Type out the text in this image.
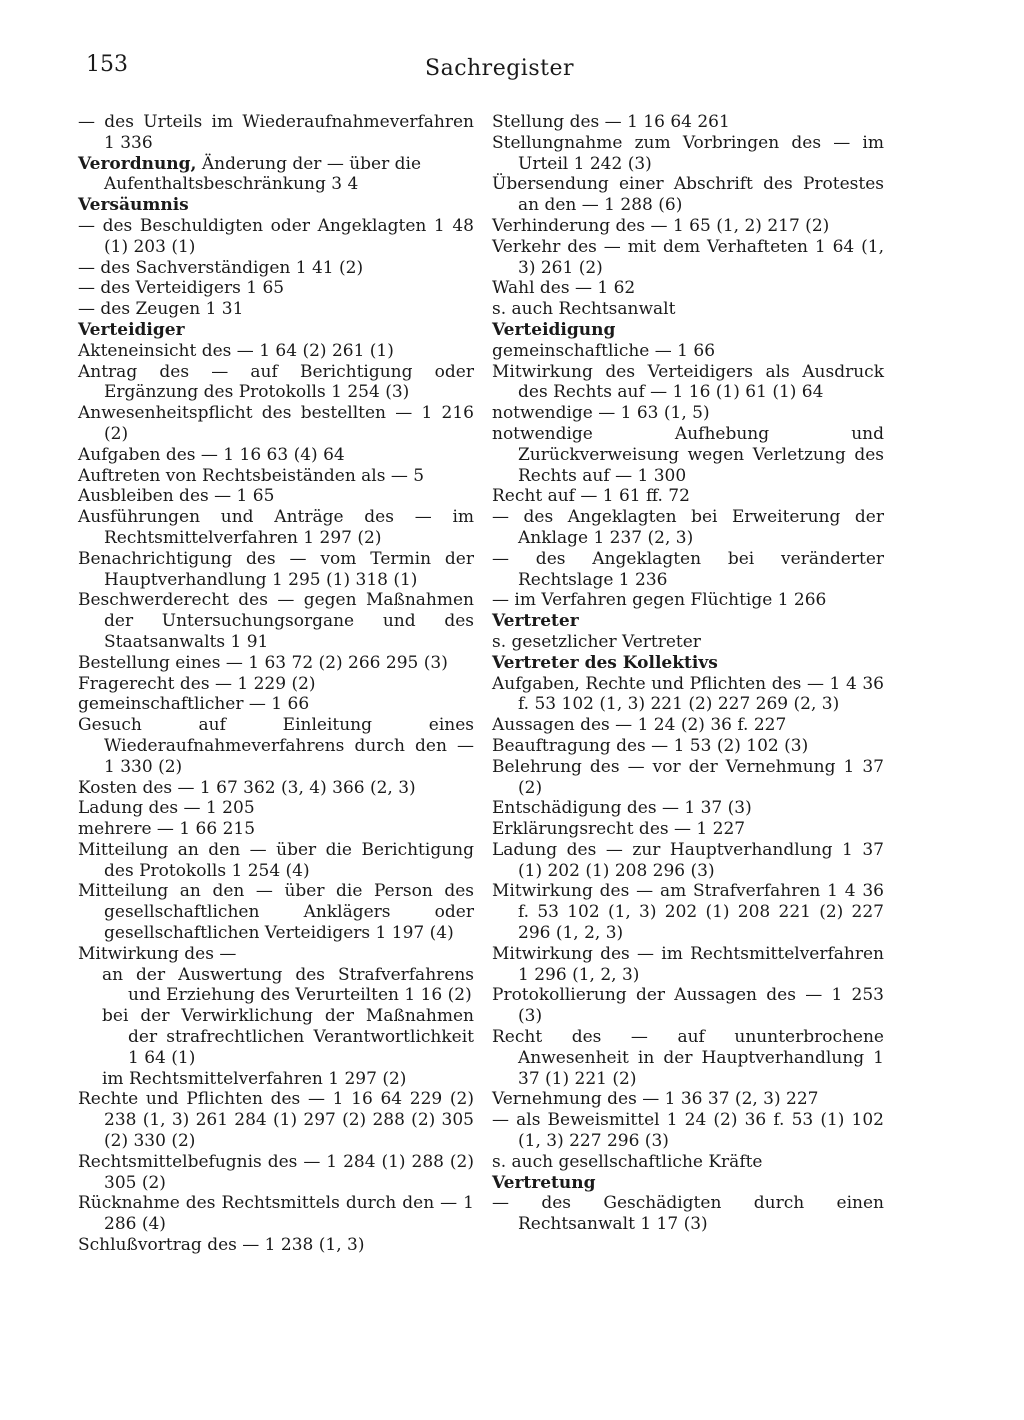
153	Sachregister
— des Urteils im Wiederaufnahmeverfahren 1 336
Verordnung, Änderung der — über die Aufenthaltsbeschränkung 3 4
Versäumnis
— des Beschuldigten oder Angeklagten 1 48 (1) 203 (1)
— des Sachverständigen 1 41 (2)
— des Verteidigers 1 65
— des Zeugen 1 31
Verteidiger
Akteneinsicht des — 1 64 (2) 261 (1)
Antrag des — auf Berichtigung oder Ergänzung des Protokolls 1 254 (3)
Anwesenheitspflicht des bestellten — 1 216 (2)
Aufgaben des — 1 16 63 (4) 64
Auftreten von Rechtsbeiständen als — 5
Ausbleiben des — 1 65
Ausführungen und Anträge des — im Rechtsmittelverfahren 1 297 (2)
Benachrichtigung des — vom Termin der Hauptverhandlung 1 295 (1) 318 (1)
Beschwerderecht des — gegen Maßnahmen der Untersuchungsorgane und des Staatsanwalts 1 91
Bestellung eines — 1 63 72 (2) 266 295 (3)
Fragerecht des — 1 229 (2)
gemeinschaftlicher — 1 66
Gesuch auf Einleitung eines Wiederaufnahmeverfahrens durch den — 1 330 (2)
Kosten des — 1 67 362 (3, 4) 366 (2, 3)
Ladung des — 1 205
mehrere — 1 66 215
Mitteilung an den — über die Berichtigung des Protokolls 1 254 (4)
Mitteilung an den — über die Person des gesellschaftlichen Anklägers oder gesellschaftlichen Verteidigers 1 197 (4)
Mitwirkung des —
an der Auswertung des Strafverfahrens und Erziehung des Verurteilten 1 16 (2)
bei der Verwirklichung der Maßnahmen der strafrechtlichen Verantwortlichkeit 1 64 (1)
im Rechtsmittelverfahren 1 297 (2)
Rechte und Pflichten des — 1 16 64 229 (2) 238 (1, 3) 261 284 (1) 297 (2) 288 (2) 305 (2) 330 (2)
Rechtsmittelbefugnis des — 1 284 (1) 288 (2) 305 (2)
Rücknahme des Rechtsmittels durch den — 1 286 (4)
Schlußvortrag des — 1 238 (1, 3)
Stellung des — 1 16 64 261
Stellungnahme zum Vorbringen des — im Urteil 1 242 (3)
Übersendung einer Abschrift des Protestes an den — 1 288 (6)
Verhinderung des — 1 65 (1, 2) 217 (2)
Verkehr des — mit dem Verhafteten 1 64 (1, 3) 261 (2)
Wahl des — 1 62
s. auch Rechtsanwalt
Verteidigung
gemeinschaftliche — 1 66
Mitwirkung des Verteidigers als Ausdruck des Rechts auf — 1 16 (1) 61 (1) 64
notwendige — 1 63 (1, 5)
notwendige Aufhebung und Zurückverweisung wegen Verletzung des Rechts auf — 1 300
Recht auf — 1 61 ff. 72
— des Angeklagten bei Erweiterung der Anklage 1 237 (2, 3)
— des Angeklagten bei veränderter Rechtslage 1 236
— im Verfahren gegen Flüchtige 1 266
Vertreter
s. gesetzlicher Vertreter
Vertreter des Kollektivs
Aufgaben, Rechte und Pflichten des — 1 4 36 f. 53 102 (1, 3) 221 (2) 227 269 (2, 3)
Aussagen des — 1 24 (2) 36 f. 227
Beauftragung des — 1 53 (2) 102 (3)
Belehrung des — vor der Vernehmung 1 37 (2)
Entschädigung des — 1 37 (3)
Erklärungsrecht des — 1 227
Ladung des — zur Hauptverhandlung 1 37 (1) 202 (1) 208 296 (3)
Mitwirkung des — am Strafverfahren 1 4 36 f. 53 102 (1, 3) 202 (1) 208 221 (2) 227 296 (1, 2, 3)
Mitwirkung des — im Rechtsmittelverfahren 1 296 (1, 2, 3)
Protokollierung der Aussagen des — 1 253 (3)
Recht des — auf ununterbrochene Anwesenheit in der Hauptverhandlung 1 37 (1) 221 (2)
Vernehmung des — 1 36 37 (2, 3) 227
— als Beweismittel 1 24 (2) 36 f. 53 (1) 102 (1, 3) 227 296 (3)
s. auch gesellschaftliche Kräfte
Vertretung
— des Geschädigten durch einen Rechtsanwalt 1 17 (3)
